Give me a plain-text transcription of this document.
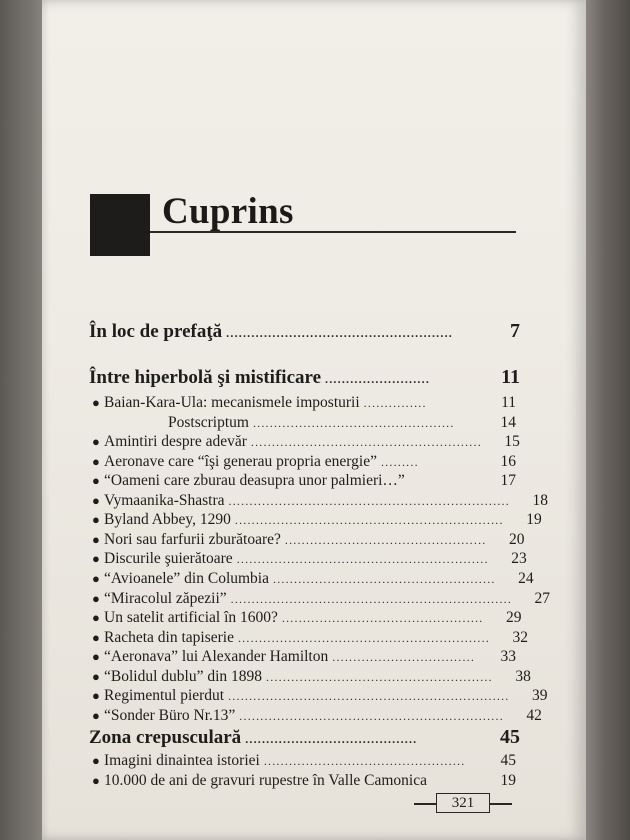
Cuprins
În loc de prefaţă ......................................................	7
Între hiperbolă şi mistificare .........................	11
● Baian-Kara-Ula: mecanismele imposturii ...............	11
Postscriptum ................................................	14
● Amintiri despre adevăr .......................................................	15
● Aeronave care “îşi generau propria energie” .........	16
● “Oameni care zburau deasupra unor palmieri…”	17
● Vymaanika-Shastra ...................................................................	18
● Byland Abbey, 1290 ................................................................	19
● Nori sau farfurii zburătoare? ................................................	20
● Discurile şuierătoare ............................................................	23
● “Avioanele” din Columbia .....................................................	24
● “Miracolul zăpezii” ...................................................................	27
● Un satelit artificial în 1600? ................................................	29
● Racheta din tapiserie ............................................................	32
● “Aeronava” lui Alexander Hamilton ..................................	33
● “Bolidul dublu” din 1898 ......................................................	38
● Regimentul pierdut ...................................................................	39
● “Sonder Büro Nr.13” ...............................................................	42
Zona crepusculară .........................................	45
● Imagini dinaintea istoriei ................................................	45
● 10.000 de ani de gravuri rupestre în Valle Camonica	19
321
